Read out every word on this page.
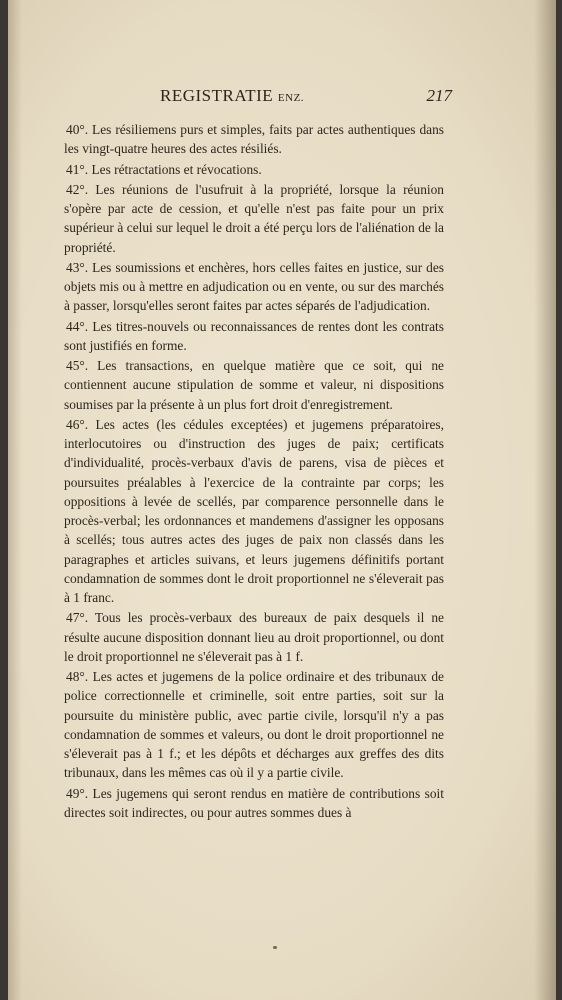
REGISTRATIE ENZ.	217

40°. Les résiliemens purs et simples, faits par actes authentiques dans les vingt-quatre heures des actes résiliés.

41°. Les rétractations et révocations.

42°. Les réunions de l'usufruit à la propriété, lorsque la réunion s'opère par acte de cession, et qu'elle n'est pas faite pour un prix supérieur à celui sur lequel le droit a été perçu lors de l'aliénation de la propriété.

43°. Les soumissions et enchères, hors celles faites en justice, sur des objets mis ou à mettre en adjudication ou en vente, ou sur des marchés à passer, lorsqu'elles seront faites par actes séparés de l'adjudication.

44°. Les titres-nouvels ou reconnaissances de rentes dont les contrats sont justifiés en forme.

45°. Les transactions, en quelque matière que ce soit, qui ne contiennent aucune stipulation de somme et valeur, ni dispositions soumises par la présente à un plus fort droit d'enregistrement.

46°. Les actes (les cédules exceptées) et jugemens préparatoires, interlocutoires ou d'instruction des juges de paix; certificats d'individualité, procès-verbaux d'avis de parens, visa de pièces et poursuites préalables à l'exercice de la contrainte par corps; les oppositions à levée de scellés, par comparence personnelle dans le procès-verbal; les ordonnances et mandemens d'assigner les opposans à scellés; tous autres actes des juges de paix non classés dans les paragraphes et articles suivans, et leurs jugemens définitifs portant condamnation de sommes dont le droit proportionnel ne s'éleverait pas à 1 franc.

47°. Tous les procès-verbaux des bureaux de paix desquels il ne résulte aucune disposition donnant lieu au droit proportionnel, ou dont le droit proportionnel ne s'éleverait pas à 1 f.

48°. Les actes et jugemens de la police ordinaire et des tribunaux de police correctionnelle et criminelle, soit entre parties, soit sur la poursuite du ministère public, avec partie civile, lorsqu'il n'y a pas condamnation de sommes et valeurs, ou dont le droit proportionnel ne s'éleverait pas à 1 f.; et les dépôts et décharges aux greffes des dits tribunaux, dans les mêmes cas où il y a partie civile.

49°. Les jugemens qui seront rendus en matière de contributions soit directes soit indirectes, ou pour autres sommes dues à
